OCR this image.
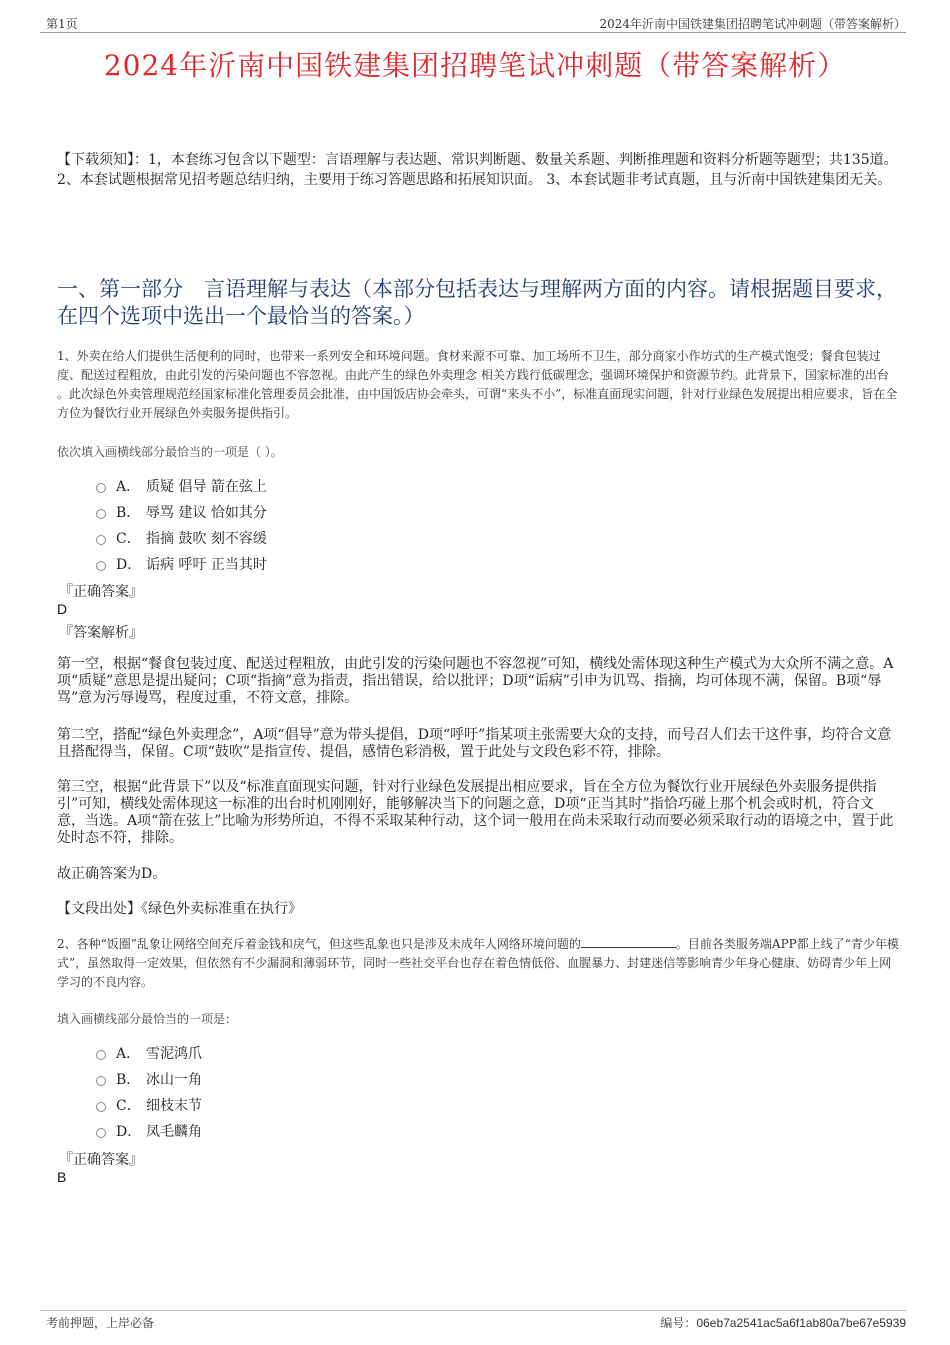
第1页	2024年沂南中国铁建集团招聘笔试冲刺题（带答案解析）
2024年沂南中国铁建集团招聘笔试冲刺题（带答案解析）
【下载须知】：1，本套练习包含以下题型：言语理解与表达题、常识判断题、数量关系题、判断推理题和资料分析题等题型；共135道。 2、本套试题根据常见招考题总结归纳，主要用于练习答题思路和拓展知识面。 3、本套试题非考试真题，且与沂南中国铁建集团无关。
一、第一部分　言语理解与表达（本部分包括表达与理解两方面的内容。请根据题目要求，在四个选项中选出一个最恰当的答案。）
1、外卖在给人们提供生活便利的同时，也带来一系列安全和环境问题。食材来源不可靠、加工场所不卫生，部分商家小作坊式的生产模式饱受；餐食包装过度、配送过程粗放，由此引发的污染问题也不容忽视。由此产生的绿色外卖理念 相关方践行低碳理念，强调环境保护和资源节约。此背景下，国家标准的出台 。此次绿色外卖管理规范经国家标准化管理委员会批准，由中国饭店协会牵头，可谓“来头不小”，标准直面现实问题，针对行业绿色发展提出相应要求，旨在全方位为餐饮行业开展绿色外卖服务提供指引。
依次填入画横线部分最恰当的一项是（ ）。
A． 质疑 倡导 箭在弦上
B． 辱骂 建议 恰如其分
C． 指摘 鼓吹 刻不容缓
D． 诟病 呼吁 正当其时
『正确答案』
D
『答案解析』
第一空，根据“餐食包装过度、配送过程粗放，由此引发的污染问题也不容忽视”可知，横线处需体现这种生产模式为大众所不满之意。A项“质疑”意思是提出疑问；C项“指摘”意为指责，指出错误，给以批评；D项“诟病”引申为讥骂、指摘，均可体现不满，保留。B项“辱骂”意为污辱谩骂，程度过重，不符文意，排除。
第二空，搭配“绿色外卖理念”，A项“倡导”意为带头提倡，D项“呼吁”指某项主张需要大众的支持，而号召人们去干这件事，均符合文意且搭配得当，保留。C项“鼓吹”是指宣传、提倡，感情色彩消极，置于此处与文段色彩不符，排除。
第三空，根据“此背景下”以及“标准直面现实问题，针对行业绿色发展提出相应要求，旨在全方位为餐饮行业开展绿色外卖服务提供指引”可知，横线处需体现这一标准的出台时机刚刚好，能够解决当下的问题之意，D项“正当其时”指恰巧碰上那个机会或时机，符合文意，当选。A项“箭在弦上”比喻为形势所迫，不得不采取某种行动，这个词一般用在尚未采取行动而要必须采取行动的语境之中，置于此处时态不符，排除。
故正确答案为D。
【文段出处】《绿色外卖标准重在执行》
2、各种“饭圈”乱象让网络空间充斥着金钱和戾气，但这些乱象也只是涉及未成年人网络环境问题的	。目前各类服务端APP都上线了“青少年模式”，虽然取得一定效果，但依然有不少漏洞和薄弱环节，同时一些社交平台也存在着色情低俗、血腥暴力、封建迷信等影响青少年身心健康、妨碍青少年上网学习的不良内容。
填入画横线部分最恰当的一项是：
A． 雪泥鸿爪
B． 冰山一角
C． 细枝末节
D． 凤毛麟角
『正确答案』
B
考前押题，上岸必备	编号：06eb7a2541ac5a6f1ab80a7be67e5939
